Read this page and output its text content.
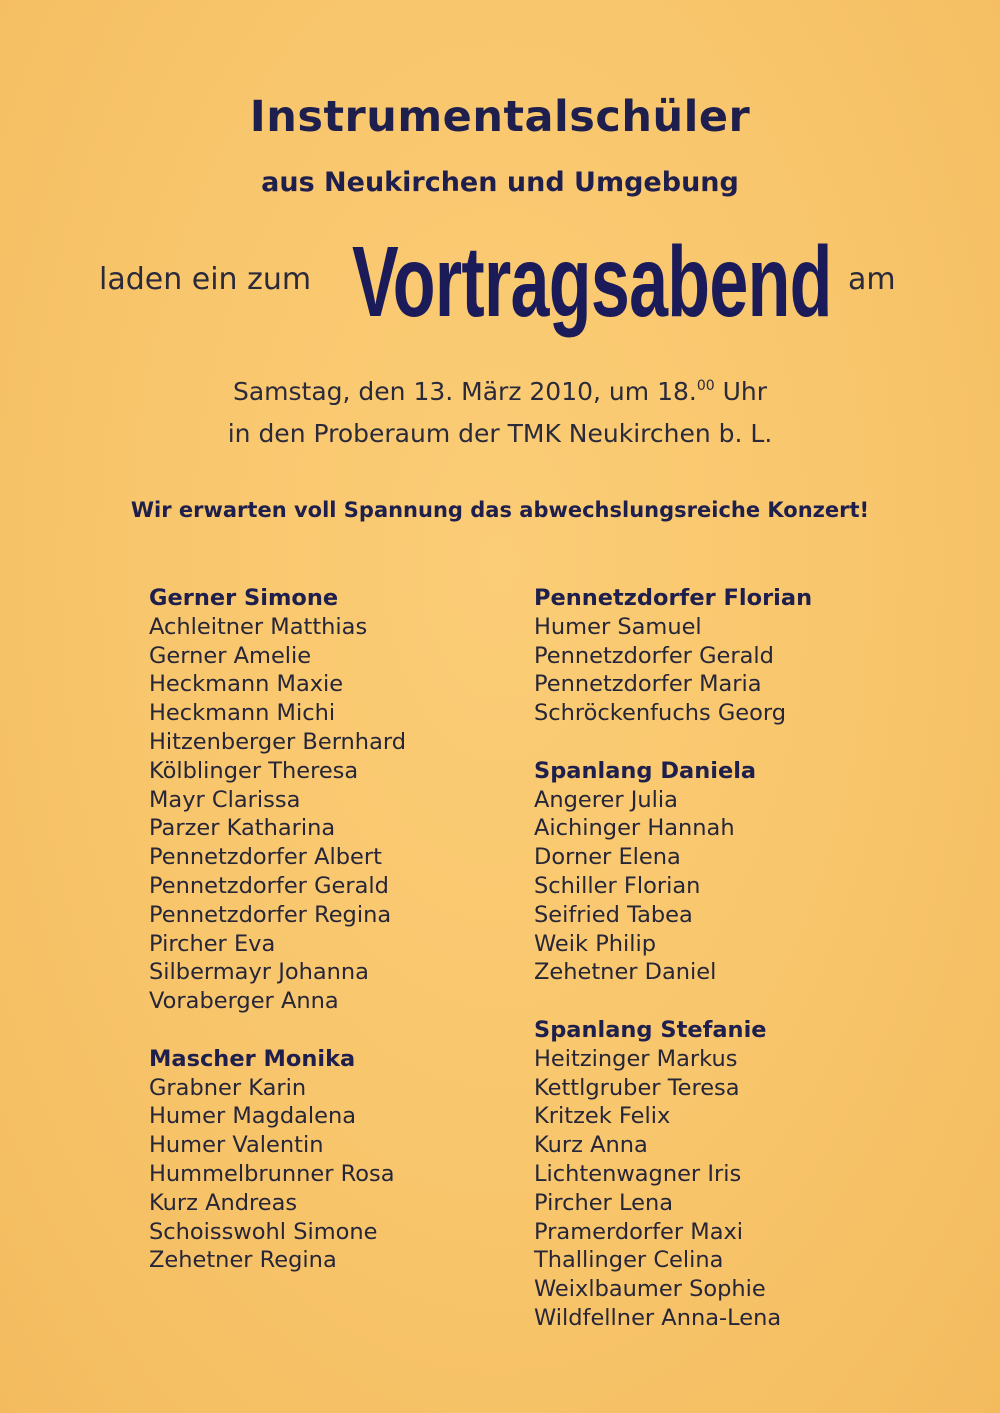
Instrumentalschüler
aus Neukirchen und Umgebung
laden ein zum Vortragsabend am
Samstag, den 13. März 2010, um 18.00 Uhr
in den Proberaum der TMK Neukirchen b. L.
Wir erwarten voll Spannung das abwechslungsreiche Konzert!
Gerner Simone
Achleitner Matthias
Gerner Amelie
Heckmann Maxie
Heckmann Michi
Hitzenberger Bernhard
Kölblinger Theresa
Mayr Clarissa
Parzer Katharina
Pennetzdorfer Albert
Pennetzdorfer Gerald
Pennetzdorfer Regina
Pircher Eva
Silbermayr Johanna
Voraberger Anna
Mascher Monika
Grabner Karin
Humer Magdalena
Humer Valentin
Hummelbrunner Rosa
Kurz Andreas
Schoisswohl Simone
Zehetner Regina
Pennetzdorfer Florian
Humer Samuel
Pennetzdorfer Gerald
Pennetzdorfer Maria
Schröckenfuchs Georg
Spanlang Daniela
Angerer Julia
Aichinger Hannah
Dorner Elena
Schiller Florian
Seifried Tabea
Weik Philip
Zehetner Daniel
Spanlang Stefanie
Heitzinger Markus
Kettlgruber Teresa
Kritzek Felix
Kurz Anna
Lichtenwagner Iris
Pircher Lena
Pramerdorfer Maxi
Thallinger Celina
Weixlbaumer Sophie
Wildfellner Anna-Lena
